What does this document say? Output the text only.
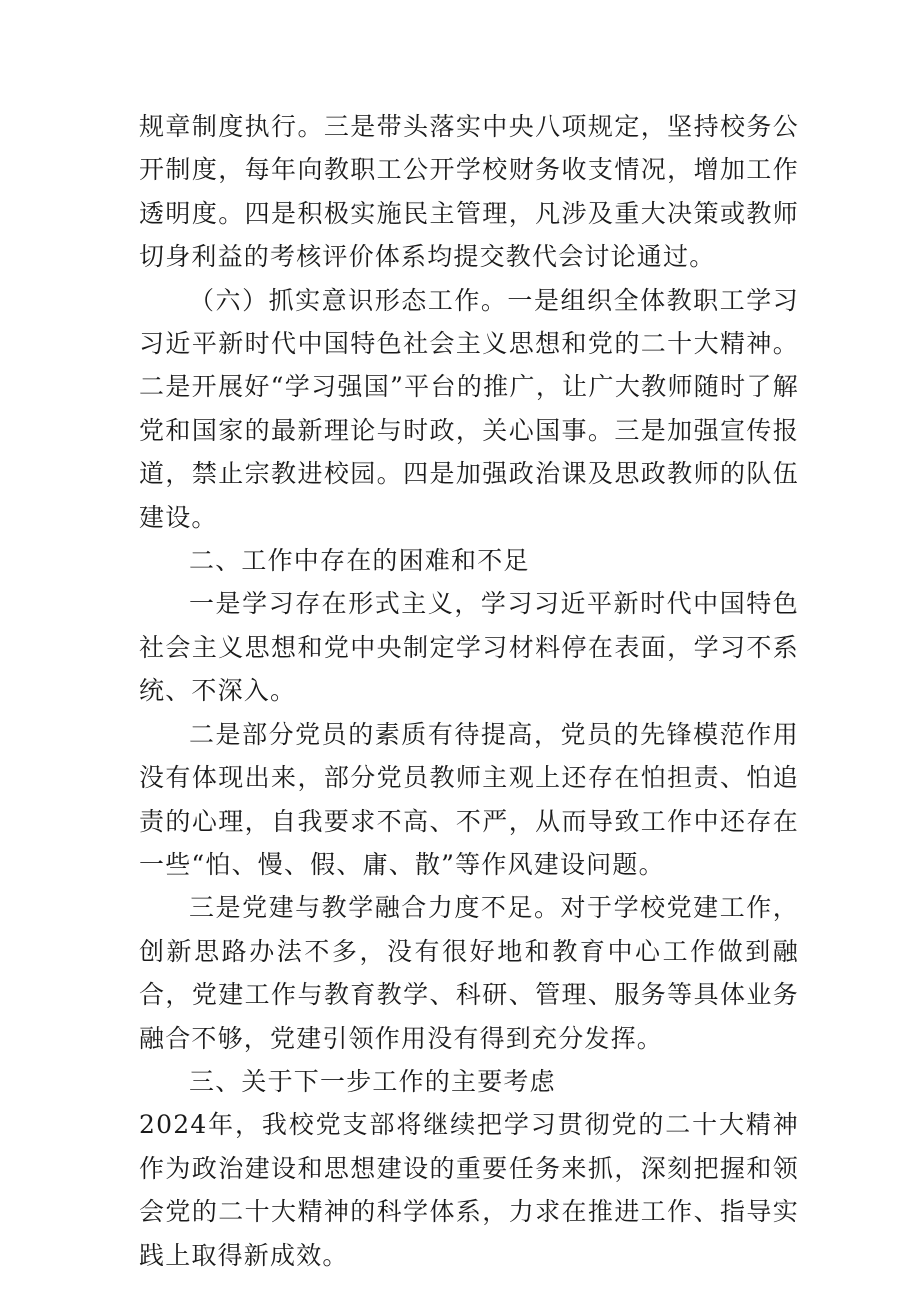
规章制度执行。三是带头落实中央八项规定，坚持校务公开制度，每年向教职工公开学校财务收支情况，增加工作透明度。四是积极实施民主管理，凡涉及重大决策或教师切身利益的考核评价体系均提交教代会讨论通过。

（六）抓实意识形态工作。一是组织全体教职工学习习近平新时代中国特色社会主义思想和党的二十大精神。二是开展好“学习强国”平台的推广，让广大教师随时了解党和国家的最新理论与时政，关心国事。三是加强宣传报道，禁止宗教进校园。四是加强政治课及思政教师的队伍建设。

二、工作中存在的困难和不足

一是学习存在形式主义，学习习近平新时代中国特色社会主义思想和党中央制定学习材料停在表面，学习不系统、不深入。

二是部分党员的素质有待提高，党员的先锋模范作用没有体现出来，部分党员教师主观上还存在怕担责、怕追责的心理，自我要求不高、不严，从而导致工作中还存在一些“怕、慢、假、庸、散”等作风建设问题。

三是党建与教学融合力度不足。对于学校党建工作，创新思路办法不多，没有很好地和教育中心工作做到融合，党建工作与教育教学、科研、管理、服务等具体业务融合不够，党建引领作用没有得到充分发挥。

三、关于下一步工作的主要考虑

2024年，我校党支部将继续把学习贯彻党的二十大精神作为政治建设和思想建设的重要任务来抓，深刻把握和领会党的二十大精神的科学体系，力求在推进工作、指导实践上取得新成效。
